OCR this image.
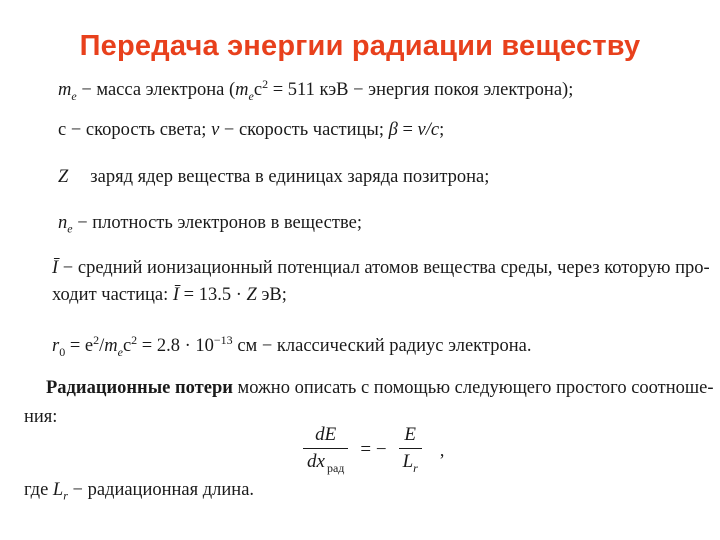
Передача энергии радиации веществу
$m_e$ − масса электрона ($m_ec^2 = 511$ кэВ − энергия покоя электрона);
c − скорость света; v − скорость частицы; β = v/c;
Z заряд ядер вещества в единицах заряда позитрона;
$n_e$ − плотность электронов в веществе;
Ī − средний ионизационный потенциал атомов вещества среды, через которую про-
ходит частица: Ī = 13.5 · Z эВ;
$r_0 = e^2/m_ec^2 = 2.8 \cdot 10^{-13}$ см − классический радиус электрона.
Радиационные потери можно описать с помощью следующего простого соотноше-
ния:
$\frac{dE}{dx _{рад}}$ = − $\frac{E}{L_r}$ ,
где $L_r$ − радиационная длина.
